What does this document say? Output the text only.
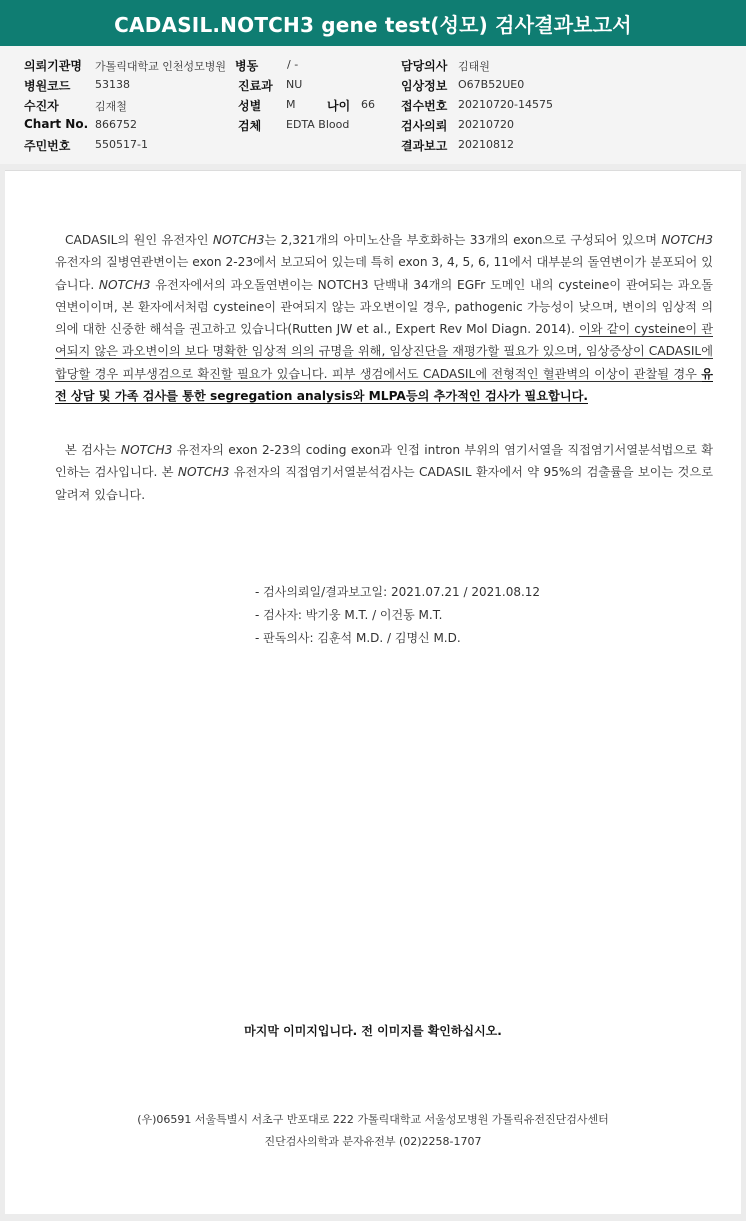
CADASIL.NOTCH3 gene test(성모) 검사결과보고서
의뢰기관명 가톨릭대학교 인천성모병원 병동	/ -	담당의사 김태원
병원코드 53138	진료과 NU	임상정보 O67B52UE0
수진자	김재철	성별 M	나이 66 접수번호 20210720-14575
Chart No. 866752	검체 EDTA Blood	검사의뢰 20210720
주민번호 550517-1	결과보고 20210812

CADASIL의 원인 유전자인 NOTCH3는 2,321개의 아미노산을 부호화하는 33개의 exon으로 구성되어 있으며 NOTCH3 유전자의 질병연관변이는 exon 2-23에서 보고되어 있는데 특히 exon 3, 4, 5, 6, 11에서 대부분의 돌연변이가 분포되어 있습니다. NOTCH3 유전자에서의 과오돌연변이는 NOTCH3 단백내 34개의 EGFr 도메인 내의 cysteine이 관여되는 과오돌연변이이며, 본 환자에서처럼 cysteine이 관여되지 않는 과오변이일 경우, pathogenic 가능성이 낮으며, 변이의 임상적 의의에 대한 신중한 해석을 권고하고 있습니다(Rutten JW et al., Expert Rev Mol Diagn. 2014). 이와 같이 cysteine이 관여되지 않은 과오변이의 보다 명확한 임상적 의의 규명을 위해, 임상진단을 재평가할 필요가 있으며, 임상증상이 CADASIL에 합당할 경우 피부생검으로 확진할 필요가 있습니다. 피부 생검에서도 CADASIL에 전형적인 혈관벽의 이상이 관찰될 경우 유전 상담 및 가족 검사를 통한 segregation analysis와 MLPA등의 추가적인 검사가 필요합니다.

본 검사는 NOTCH3 유전자의 exon 2-23의 coding exon과 인접 intron 부위의 염기서열을 직접염기서열분석법으로 확인하는 검사입니다. 본 NOTCH3 유전자의 직접염기서열분석검사는 CADASIL 환자에서 약 95%의 검출률을 보이는 것으로 알려져 있습니다.

- 검사의뢰일/결과보고일: 2021.07.21 / 2021.08.12
- 검사자: 박기웅 M.T. / 이건동 M.T.
- 판독의사: 김훈석 M.D. / 김명신 M.D.
마지막 이미지입니다. 전 이미지를 확인하십시오.
(우)06591 서울특별시 서초구 반포대로 222 가톨릭대학교 서울성모병원 가톨릭유전진단검사센터
진단검사의학과 분자유전부 (02)2258-1707
